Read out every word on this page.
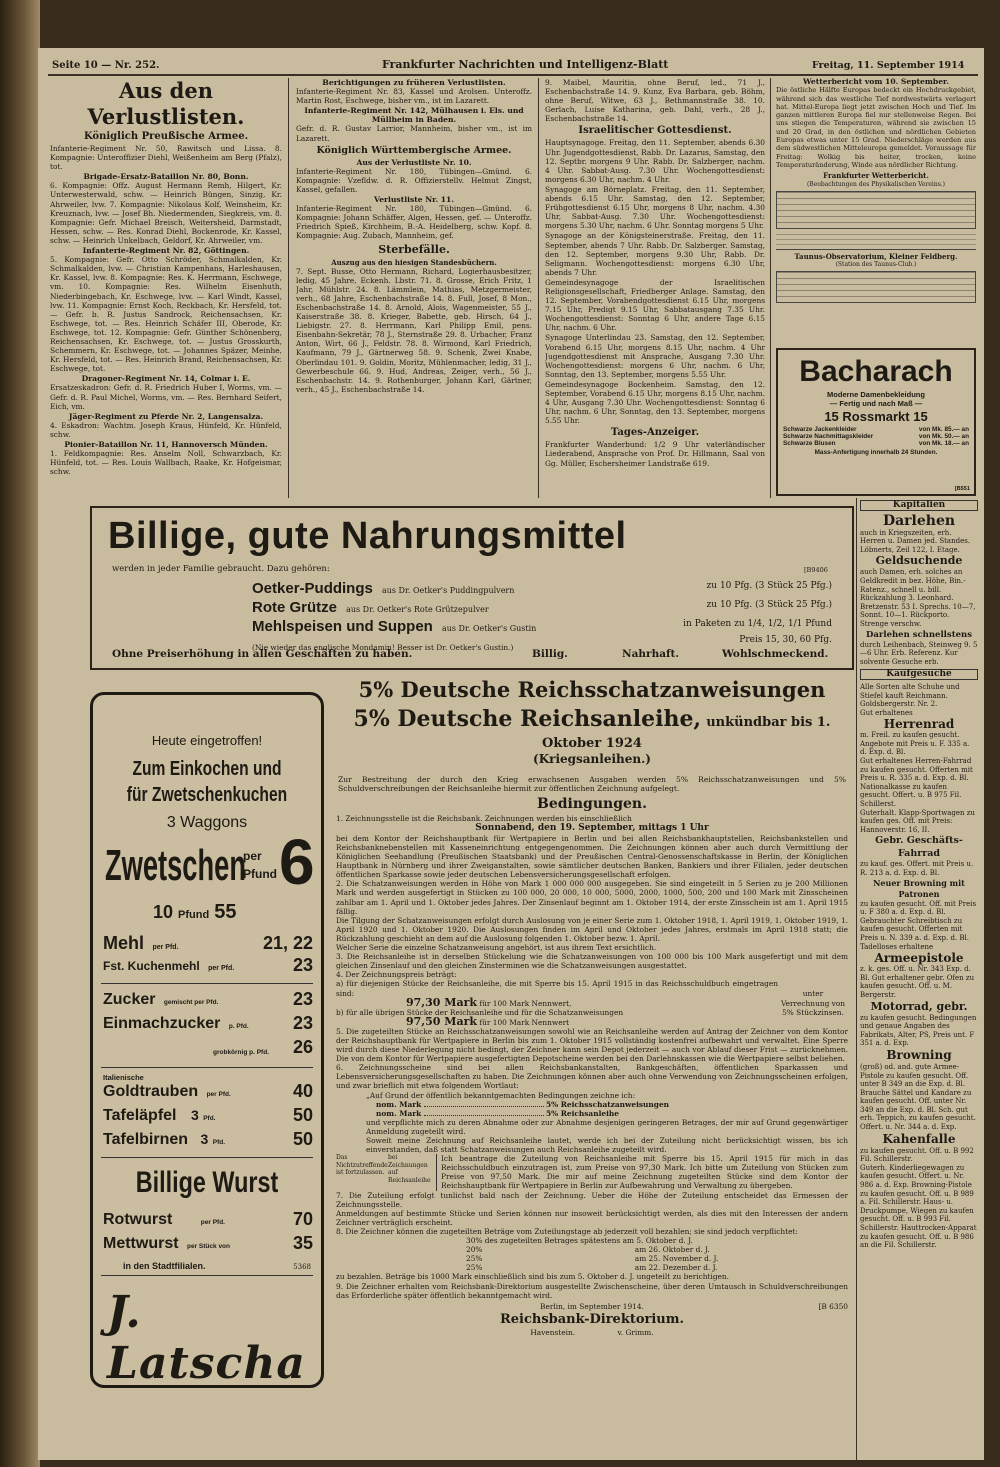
Seite 10 — Nr. 252.	Frankfurter Nachrichten und Intelligenz-Blatt	Freitag, 11. September 1914
Aus den Verlustlisten.
Königlich Preußische Armee.

Infanterie-Regiment Nr. 50, Rawitsch und Lissa. 8. Kompagnie: Unteroffizier Diehl, Weißenheim am Berg (Pfalz), tot.

Brigade-Ersatz-Bataillon Nr. 80, Bonn.

6. Kompagnie: Offz. August Hermann Remh, Hilgert, Kr. Unterwesterwald, schw. — Heinrich Büngen, Sinzig, Kr. Ahrweiler, lvw. 7. Kompagnie: Nikolaus Kolf, Weinsheim, Kr. Kreuznach, lvw. — Josef Bh. Niedermenden, Siegkreis, vm. 8. Kompagnie: Gefr. Michael Breisch, Weitersheid, Darmstadt, Hessen, schw. — Res. Konrad Diehl, Bockenrode, Kr. Kassel, schw. — Heinrich Unkelbach, Geldorf, Kr. Ahrweiler, vm.

Infanterie-Regiment Nr. 82, Göttingen.

5. Kompagnie: Gefr. Otto Schröder, Schmalkalden, Kr. Schmalkalden, lvw. — Christian Kampenhans, Harleshausen, Kr. Kassel, lvw. 8. Kompagnie: Res. K. Herrmann, Eschwege, vm. 10. Kompagnie: Res. Wilhelm Eisenhuth, Niederbingebach, Kr. Eschwege, lvw. — Karl Windt, Kassel, lvw. 11. Kompagnie: Ernst Koch, Reckbach, Kr. Hersfeld, tot. — Gefr. b. R. Justus Sandrock, Reichensachsen, Kr. Eschwege, tot. — Res. Heinrich Schäfer III, Oberode, Kr. Eschwege, tot. 12. Kompagnie: Gefr. Günther Schönenberg, Reichensachsen, Kr. Eschwege, tot. — Justus Grosskurth, Schemmern, Kr. Eschwege, tot. — Johannes Späzer, Meinhe, Kr. Hersfeld, tot. — Res. Heinrich Brand, Reichensachsen, Kr. Eschwege, tot.

Dragoner-Regiment Nr. 14, Colmar i. E.

Ersatzeskadron: Gefr. d. R. Friedrich Huber I, Worms, vm. — Gefr. d. R. Paul Michel, Worms, vm. — Res. Bernhard Seifert, Eich, vm.

Jäger-Regiment zu Pferde Nr. 2, Langensalza.

4. Eskadron: Wachtm. Joseph Kraus, Hünfeld, Kr. Hünfeld, schw.

Pionier-Bataillon Nr. 11, Hannoversch Münden.

1. Feldkompagnie: Res. Anselm Noll, Schwarzbach, Kr. Hünfeld, tot. — Res. Louis Wallbach, Raake, Kr. Hofgeismar, schw.

Berichtigungen zu früheren Verlustlisten.

Infanterie-Regiment Nr. 83, Kassel und Arolsen. Unteroffz. Martin Rost, Eschwege, bisher vm., ist im Lazarett.

Infanterie-Regiment Nr. 142, Mülhausen i. Els. und Müllheim in Baden.

Gefr. d. R. Gustav Larrior, Mannheim, bisher vm., ist im Lazarett.

Königlich Württembergische Armee.
Aus der Verlustliste Nr. 10.

Infanterie-Regiment Nr. 180, Tübingen—Gmünd. 6. Kompagnie: Vzefldw. d. R. Offizierstellv. Helmut Zingst, Kassel, gefallen.

Verlustliste Nr. 11.

Infanterie-Regiment Nr. 180, Tübingen—Gmünd. 6. Kompagnie: Johann Schäffer, Algen, Hessen, gef. — Unteroffz. Friedrich Spieß, Kirchheim, B.-A. Heidelberg, schw. Kopf. 8. Kompagnie: Aug. Zubach, Mannheim, gef.

Sterbefälle.
Auszug aus den hiesigen Standesbüchern.

7. Sept. Busse, Otto Hermann, Richard, Logierhausbesitzer, ledig, 45 Jahre, Eckenh. Lbstr. 71. 8. Grosse, Erich Fritz, 1 Jahr, Mühlstr. 24. 8. Lämmlein, Mathias, Metzgermeister, verh., 68 Jahre, Eschenbachstraße 14. 8. Full, Josef, 8 Mon., Eschenbachstraße 14. 8. Arnold, Alois, Wagenmeister, 55 J., Kaiserstraße 38. 8. Krieger, Babette, geb. Hirsch, 64 J., Liebigstr. 27. 8. Herrmann, Karl Philipp Emil, pens. Eisenbahn-Sekretär, 78 J., Sternstraße 29. 8. Urbacher, Franz Anton, Wirt, 66 J., Feldstr. 78. 8. Wirmond, Karl Friedrich, Kaufmann, 79 J., Gärtnerweg 58. 9. Schenk, Zwei Knabe, Oberlindau 101. 9. Goldin, Moritz, Mühlenmacher, ledig, 31 J., Gewerbeschule 66. 9. Hud, Andreas, Zeiger, verh., 56 J., Eschenbachstr. 14. 9. Rothenburger, Johann Karl, Gärtner, verh., 45 J., Eschenbachstraße 14.

9. Maibel, Mauritia, ohne Beruf, led., 71 J., Eschenbachstraße 14. 9. Kunz, Eva Barbara, geb. Böhm, ohne Beruf, Witwe, 63 J., Bethmannstraße 38. 10. Gerlach, Luise Katharina, geb. Dahl, verh., 28 J., Eschenbachstraße 14.

Israelitischer Gottesdienst.

Hauptsynagoge. Freitag, den 11. September, abends 6.30 Uhr. Jugendgottesdienst, Rabb. Dr. Lazarus, Samstag, den 12. Septbr. morgens 9 Uhr. Rabb. Dr. Salzberger, nachm. 4 Uhr. Sabbat-Ausg. 7.30 Uhr. Wochengottesdienst: morgens 6.30 Uhr, nachm. 4 Uhr.

Synagoge am Börneplatz. Freitag, den 11. September, abends 6.15 Uhr. Samstag, den 12. September, Frühgottesdienst 6.15 Uhr, morgens 8 Uhr, nachm. 4.30 Uhr, Sabbat-Ausg. 7.30 Uhr. Wochengottesdienst: morgens 5.30 Uhr, nachm. 6 Uhr. Sonntag morgens 5 Uhr.

Synagoge an der Königsteinerstraße. Freitag, den 11. September, abends 7 Uhr. Rabb. Dr. Salzberger. Samstag, den 12. September, morgens 9.30 Uhr, Rabb. Dr. Seligmann. Wochengottesdienst: morgens 6.30 Uhr, abends 7 Uhr.

Gemeindesynagoge der Israelitischen Religionsgesellschaft, Friedberger Anlage. Samstag, den 12. September, Vorabendgottesdienst 6.15 Uhr, morgens 7.15 Uhr, Predigt 9.15 Uhr, Sabbatausgang 7.35 Uhr. Wochengottesdienst: Sonntag 6 Uhr, andere Tage 6.15 Uhr, nachm. 6 Uhr.

Synagoge Unterlindau 23. Samstag, den 12. September, Vorabend 6.15 Uhr, morgens 8.15 Uhr, nachm. 4 Uhr Jugendgottesdienst mit Ansprache, Ausgang 7.30 Uhr. Wochengottesdienst: morgens 6 Uhr, nachm. 6 Uhr, Sonntag, den 13. September, morgens 5.55 Uhr.

Gemeindesynagoge Bockenheim. Samstag, den 12. September, Vorabend 6.15 Uhr, morgens 8.15 Uhr, nachm. 4 Uhr, Ausgang 7.30 Uhr. Wochengottesdienst: Sonntag 6 Uhr, nachm. 6 Uhr, Sonntag, den 13. September, morgens 5.55 Uhr.

Tages-Anzeiger.

Frankfurter Wanderbund: 1/2 9 Uhr vaterländischer Liederabend, Ansprache von Prof. Dr. Hillmann, Saal von Gg. Müller, Eschersheimer Landstraße 619.

Wetterbericht vom 10. September.
Die östliche Hälfte Europas bedeckt ein Hochdruckgebiet, während sich das westliche Tief nordwestwärts verlagert hat. Mittel-Europa liegt jetzt zwischen Hoch und Tief. Im ganzen mittleren Europa fiel nur stellenweise Regen. Bei uns stiegen die Temperaturen, während sie zwischen 15 und 20 Grad, in den östlichen und nördlichen Gebieten Europas etwas unter 15 Grad. Niederschläge werden aus dem südwestlichen Mitteleuropa gemeldet. Voraussage für Freitag: Wolkig bis heiter, trocken, keine Temperaturänderung, Winde aus nördlicher Richtung.
Frankfurter Wetterbericht.
(Beobachtungen des Physikalischen Vereins.)
Taunus-Observatorium, Kleiner Feldberg.
(Station des Taunus-Club.)
Bacharach
Moderne Damenbekleidung
— Fertig und nach Maß —
15 Rossmarkt 15
Schwarze Jackenkleider	von Mk. 85.— an
Schwarze Nachmittagskleider	von Mk. 50.— an
Schwarze Blusen	von Mk. 18.— an
Mass-Anfertigung innerhalb 24 Stunden.
[B551
Billige, gute Nahrungsmittel
werden in jeder Familie gebraucht. Dazu gehören:	[B9406
Oetker-Puddings aus Dr. Oetker's Puddingpulvern	zu 10 Pfg. (3 Stück 25 Pfg.)
Rote Grütze aus Dr. Oetker's Rote Grützepulver	zu 10 Pfg. (3 Stück 25 Pfg.)
Mehlspeisen und Suppen aus Dr. Oetker's Gustin	in Paketen zu 1/4, 1/2, 1/1 Pfund
(Nie wieder das englische Mondamin! Besser ist Dr. Oetker's Gustin.)
Preis 15, 30, 60 Pfg.
Ohne Preiserhöhung in allen Geschäften zu haben.	Billig.	Nahrhaft.	Wohlschmeckend.
Kapitalien
Darlehen
auch in Kriegszeiten, erh. Herren u. Damen jed. Standes. Löbnerts, Zeil 122, I. Etage.
Geldsuchende
auch Damen, erh. solches an Geldkredit in bez. Höhe, Bin.- Ratenz., schnell u. bill. Rückzahlung 3. Leonhard. Bretzenstr. 53 I. Sprechs. 10—7, Sonnt. 10—1. Rückporto. Strenge verschw.
Darlehen schnellstens
durch Leihenbach, Steinweg 9. 5—6 Uhr. Erb. Referenz. Kur solvente Gesuche erb.
Kaufgesuche
Alle Sorten alte Schuhe und Stiefel kauft Reichmann. Goldsbergerstr. Nr. 2.
Gut erhaltenes
Herrenrad
m. Freil. zu kaufen gesucht. Angebote mit Preis u. F. 335 a. d. Exp. d. Bl.
Gut erhaltenes Herren-Fahrrad zu kaufen gesucht. Offerten mit Preis u. R. 335 a. d. Exp. d. Bl. Nationalkasse zu kaufen gesucht. Offert. u. B 975 Fil. Schillerst.
Guterhalt. Klapp-Sportwagen zu kaufen ges. Off. mit Preis: Hannoverstr. 16, II.
Gebr. Geschäfts-Fahrrad
zu kauf. ges. Offert. mit Preis u. R. 213 a. d. Exp. d. Bl.
Neuer Browning mit Patronen
zu kaufen gesucht. Off. mit Preis u. F 380 a. d. Exp. d. Bl.
Gebrauchter Schreibtisch zu kaufen gesucht. Offerten mit Preis u. N. 339 a. d. Exp. d. Bl.
Tadelloses erhaltene
Armeepistole
z. k. ges. Off. u. Nr. 343 Exp. d. Bl. Gut erhaltener gebr. Ofen zu kaufen gesucht. Off. u. M. Bergerstr.
Motorrad, gebr.
zu kaufen gesucht. Bedingungen und genaue Angaben des Fabrikats, Alter, PS, Preis unt. F 351 a. d. Exp.
Browning
(groß) od. and. gute Armee-Pistole zu kaufen gesucht. Off. unter B 349 an die Exp. d. Bl.
Brauche Sättel und Kandare zu kaufen gesucht. Off. unter Nr. 349 an die Exp. d. Bl. Sch. gut erh. Teppich, zu kaufen gesucht. Offert. u. Nr. 344 a. d. Exp.
Kahenfalle
zu kaufen gesucht. Off. u. B 992 Fil. Schillerstr.
Guterh. Kinderliegewagen zu kaufen gesucht. Offert. u. Nr. 986 a. d. Exp. Browning-Pistole zu kaufen gesucht. Off. u. B 989 a. Fil. Schillerstr. Haus- u. Druckpumpe, Wiegen zu kaufen gesucht. Off. u. B 993 Fil. Schillerstr. Hauttrocken-Apparat zu kaufen gesucht. Off. u. B 986 an die Fil. Schillerstr.
Heute eingetroffen!
Zum Einkochen und
für Zwetschenkuchen
3 Waggons
Zwetschen
per Pfund 6
10 Pfund 55
Mehl per Pfd.	21, 22
Fst. Kuchenmehl per Pfd.	23
Zucker gemischt per Pfd.	23
Einmachzucker p. Pfd. 23
grobkörnig p. Pfd. 26
Italienische
Goldtrauben per Pfd.	40
Tafeläpfel 3 Pfd.	50
Tafelbirnen 3 Pfd.	50
Billige Wurst
Rotwurst	per Pfd.	70
Mettwurst per Stück von	35
in den Stadtfilialen.	5368
J. Latscha
5% Deutsche Reichsschatzanweisungen
5% Deutsche Reichsanleihe, unkündbar bis 1. Oktober 1924
(Kriegsanleihen.)
Zur Bestreitung der durch den Krieg erwachsenen Ausgaben werden 5% Reichsschatzanweisungen und 5% Schuldverschreibungen der Reichsanleihe hiermit zur öffentlichen Zeichnung aufgelegt.
Bedingungen.
1. Zeichnungsstelle ist die Reichsbank. Zeichnungen werden bis einschließlich
Sonnabend, den 19. September, mittags 1 Uhr
bei dem Kontor der Reichshauptbank für Wertpapiere in Berlin und bei allen Reichsbankhauptstellen, Reichsbankstellen und Reichsbanknebenstellen mit Kasseneinrichtung entgegengenommen. Die Zeichnungen können aber auch durch Vermittlung der Königlichen Seehandlung (Preußischen Staatsbank) und der Preußischen Central-Genossenschaftskasse in Berlin, der Königlichen Hauptbank in Nürnberg und ihrer Zweiganstalten, sowie sämtlicher deutschen Banken, Bankiers und ihrer Filialen, jeder deutschen öffentlichen Sparkasse sowie jeder deutschen Lebensversicherungsgesellschaft erfolgen.
2. Die Schatzanweisungen werden in Höhe von Mark 1 000 000 000 ausgegeben. Sie sind eingeteilt in 5 Serien zu je 200 Millionen Mark und werden ausgefertigt in Stücken zu 100 000, 20 000, 10 000, 5000, 2000, 1000, 500, 200 und 100 Mark mit Zinsscheinen zahlbar am 1. April und 1. Oktober jedes Jahres. Der Zinsenlauf beginnt am 1. Oktober 1914, der erste Zinsschein ist am 1. April 1915 fällig.
Die Tilgung der Schatzanweisungen erfolgt durch Auslosung von je einer Serie zum 1. Oktober 1918, 1. April 1919, 1. Oktober 1919, 1. April 1920 und 1. Oktober 1920. Die Auslosungen finden im April und Oktober jedes Jahres, erstmals im April 1918 statt; die Rückzahlung geschieht an dem auf die Auslosung folgenden 1. Oktober bezw. 1. April.
Welcher Serie die einzelne Schatzanweisung angehört, ist aus ihrem Text ersichtlich.
3. Die Reichsanleihe ist in derselben Stückelung wie die Schatzanweisungen von 100 000 bis 100 Mark ausgefertigt und mit dem gleichen Zinsenlauf und den gleichen Zinsterminen wie die Schatzanweisungen ausgestattet.
4. Der Zeichnungspreis beträgt:
a) für diejenigen Stücke der Reichsanleihe, die mit Sperre bis 15. April 1915 in das Reichsschuldbuch eingetragen sind:
97,30 Mark für 100 Mark Nennwert,
b) für alle übrigen Stücke der Reichsanleihe und für die Schatzanweisungen
97,50 Mark für 100 Mark Nennwert
unter Verrechnung von 5% Stückzinsen.
5. Die zugeteilten Stücke an Reichsschatzanweisungen sowohl wie an Reichsanleihe werden auf Antrag der Zeichner von dem Kontor der Reichshauptbank für Wertpapiere in Berlin bis zum 1. Oktober 1915 vollständig kostenfrei aufbewahrt und verwaltet. Eine Sperre wird durch diese Niederlegung nicht bedingt, der Zeichner kann sein Depot jederzeit — auch vor Ablauf dieser Frist — zurücknehmen. Die von dem Kontor für Wertpapiere ausgefertigten Depotscheine werden bei den Darlehnskassen wie die Wertpapiere selbst beliehen.
6. Zeichnungsscheine sind bei allen Reichsbankanstalten, Bankgeschäften, öffentlichen Sparkassen und Lebensversicherungsgesellschaften zu haben. Die Zeichnungen können aber auch ohne Verwendung von Zeichnungsscheinen erfolgen, und zwar brieflich mit etwa folgendem Wortlaut:
„Auf Grund der öffentlich bekanntgemachten Bedingungen zeichne ich:
nom. Mark	5% Reichsschatzanweisungen
nom. Mark	5% Reichsanleihe
und verpflichte mich zu deren Abnahme oder zur Abnahme desjenigen geringeren Betrages, der mir auf Grund gegenwärtiger Anmeldung zugeteilt wird.
Soweit meine Zeichnung auf Reichsanleihe lautet, werde ich bei der Zuteilung nicht berücksichtigt wissen, bis ich einverstanden, daß statt Schatzanweisungen auch Reichsanleihe zugeteilt wird.
Das Nichtzutreffende ist fortzulassen.
bei Zeichnungen auf Reichsanleihe
Ich beantrage die Zuteilung von Reichsanleihe mit Sperre bis 15. April 1915 für mich in das Reichsschuldbuch einzutragen ist, zum Preise von 97,30 Mark. Ich bitte um Zuteilung von Stücken zum Preise von 97,50 Mark. Die mir auf meine Zeichnung zugeteilten Stücke sind dem Kontor der Reichshauptbank für Wertpapiere in Berlin zur Aufbewahrung und Verwaltung zu übergeben.
7. Die Zuteilung erfolgt tunlichst bald nach der Zeichnung. Ueber die Höhe der Zuteilung entscheidet das Ermessen der Zeichnungsstelle.
Anmeldungen auf bestimmte Stücke und Serien können nur insoweit berücksichtigt werden, als dies mit den Interessen der andern Zeichner verträglich erscheint.
8. Die Zeichner können die zugeteilten Beträge vom Zuteilungstage ab jederzeit voll bezahlen; sie sind jedoch verpflichtet:
30% des zugeteilten Betrages spätestens am 5. Oktober d. J.
20%	am 26. Oktober d. J.
25%	am 25. November d. J.
25%	am 22. Dezember d. J.
zu bezahlen. Beträge bis 1000 Mark einschließlich sind bis zum 5. Oktober d. J. ungeteilt zu berichtigen.
9. Die Zeichner erhalten vom Reichsbank-Direktorium ausgestellte Zwischenscheine, über deren Umtausch in Schuldverschreibungen das Erforderliche später öffentlich bekanntgemacht wird.
Berlin, im September 1914.	[B 6350
Reichsbank-Direktorium.
Havenstein.	v. Grimm.
